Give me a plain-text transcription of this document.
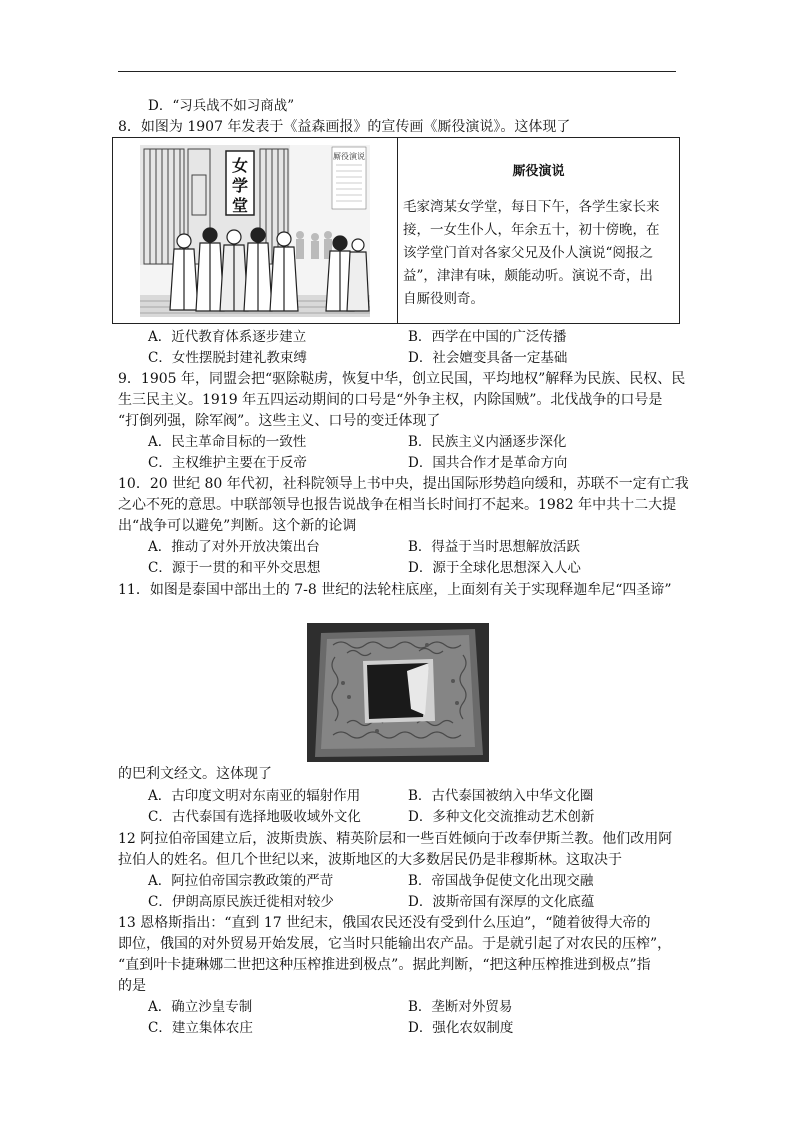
D．“习兵战不如习商战”
8．如图为 1907 年发表于《益森画报》的宣传画《厮役演说》。这体现了
女
学
堂
厮役演说
厮役演说
毛家湾某女学堂，每日下午，各学生家长来
接，一女生仆人，年余五十，初十傍晚，在
该学堂门首对各家父兄及仆人演说“阅报之
益”，津津有味，颇能动听。演说不奇，出
自厮役则奇。
A．近代教育体系逐步建立	B．西学在中国的广泛传播
C．女性摆脱封建礼教束缚	D．社会嬗变具备一定基础
9．1905 年，同盟会把“驱除鞑虏，恢复中华，创立民国，平均地权”解释为民族、民权、民
生三民主义。1919 年五四运动期间的口号是“外争主权，内除国贼”。北伐战争的口号是
“打倒列强，除军阀”。这些主义、口号的变迁体现了
A．民主革命目标的一致性	B．民族主义内涵逐步深化
C．主权维护主要在于反帝	D．国共合作才是革命方向
10．20 世纪 80 年代初，社科院领导上书中央，提出国际形势趋向缓和，苏联不一定有亡我
之心不死的意思。中联部领导也报告说战争在相当长时间打不起来。1982 年中共十二大提
出“战争可以避免”判断。这个新的论调
A．推动了对外开放决策出台	B．得益于当时思想解放活跃
C．源于一贯的和平外交思想	D．源于全球化思想深入人心
11．如图是泰国中部出土的 7-8 世纪的法轮柱底座，上面刻有关于实现释迦牟尼“四圣谛”
的巴利文经文。这体现了
A．古印度文明对东南亚的辐射作用	B．古代泰国被纳入中华文化圈
C．古代泰国有选择地吸收域外文化	D．多种文化交流推动艺术创新
12 阿拉伯帝国建立后，波斯贵族、精英阶层和一些百姓倾向于改奉伊斯兰教。他们改用阿
拉伯人的姓名。但几个世纪以来，波斯地区的大多数居民仍是非穆斯林。这取决于
A．阿拉伯帝国宗教政策的严苛	B．帝国战争促使文化出现交融
C．伊朗高原民族迁徙相对较少	D．波斯帝国有深厚的文化底蕴
13 恩格斯指出：“直到 17 世纪末，俄国农民还没有受到什么压迫”，“随着彼得大帝的
即位，俄国的对外贸易开始发展，它当时只能输出农产品。于是就引起了对农民的压榨”，
“直到叶卡捷琳娜二世把这种压榨推进到极点”。据此判断，“把这种压榨推进到极点”指
的是
A．确立沙皇专制	B．垄断对外贸易
C．建立集体农庄	D．强化农奴制度
